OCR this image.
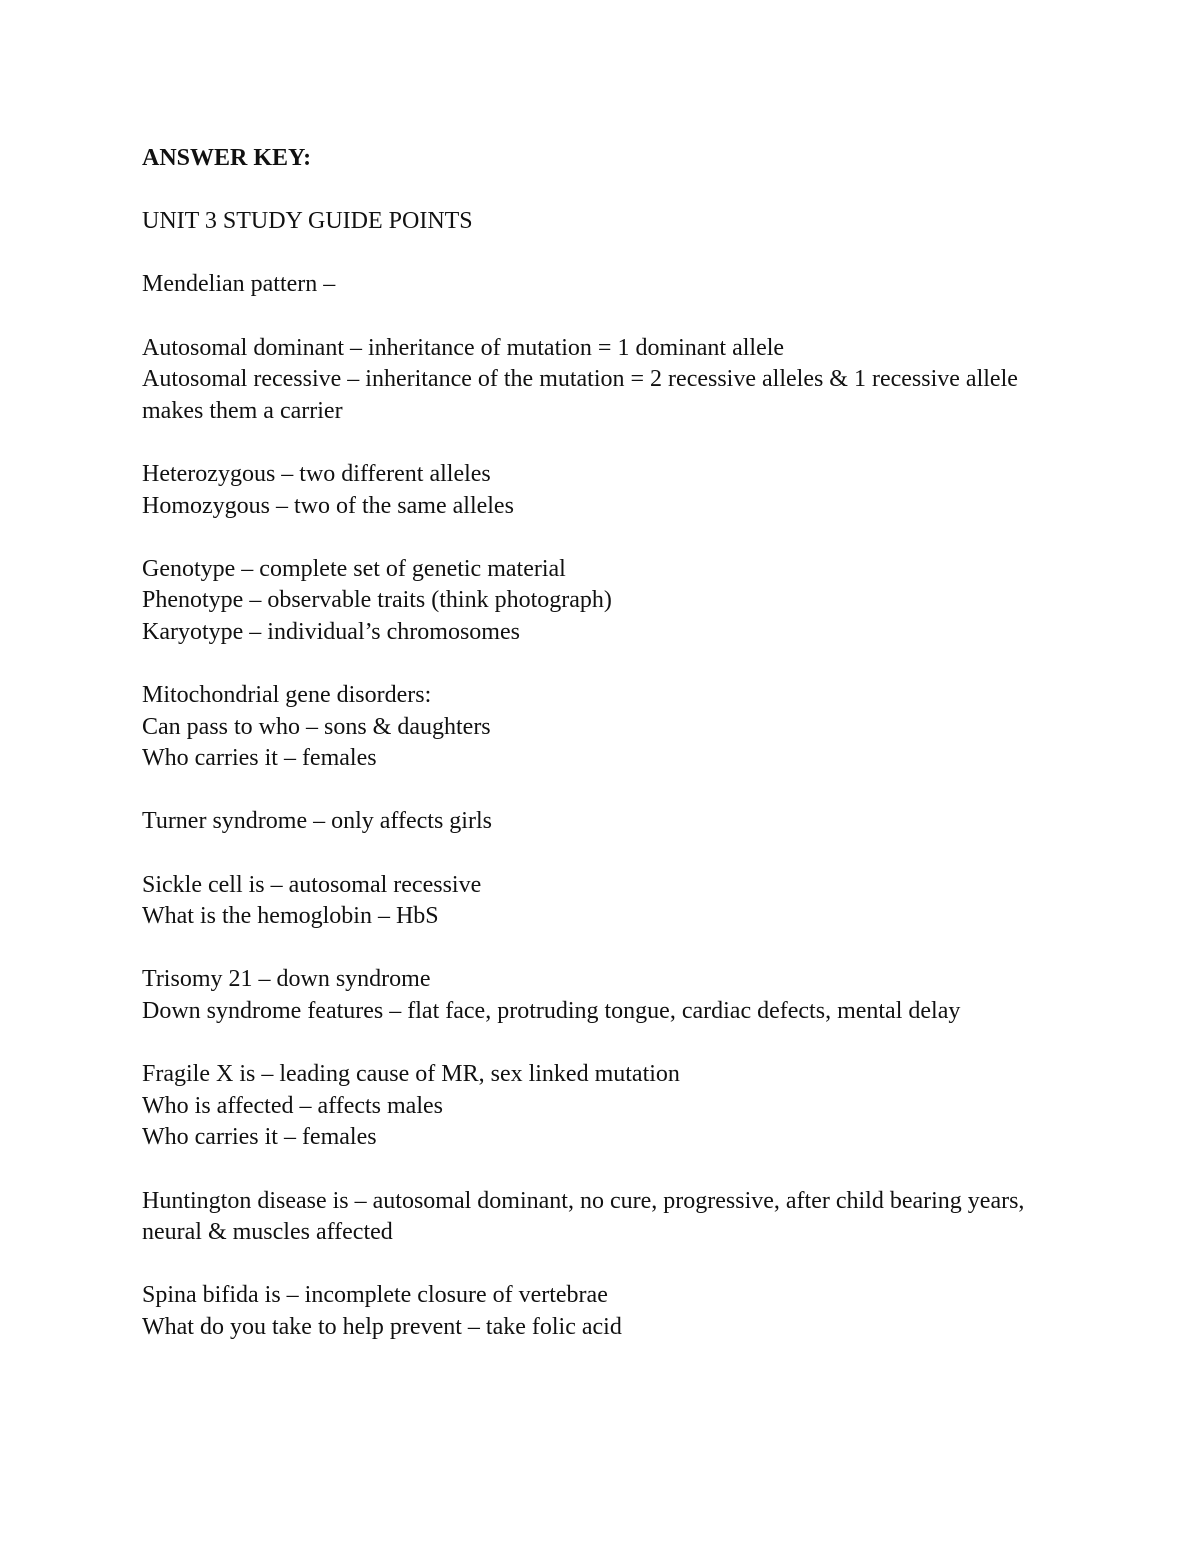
ANSWER KEY:

UNIT 3 STUDY GUIDE POINTS

Mendelian pattern –

Autosomal dominant – inheritance of mutation = 1 dominant allele
Autosomal recessive – inheritance of the mutation = 2 recessive alleles & 1 recessive allele makes them a carrier

Heterozygous – two different alleles
Homozygous – two of the same alleles

Genotype – complete set of genetic material
Phenotype – observable traits (think photograph)
Karyotype – individual’s chromosomes

Mitochondrial gene disorders:
Can pass to who – sons & daughters
Who carries it – females

Turner syndrome – only affects girls

Sickle cell is – autosomal recessive
What is the hemoglobin – HbS

Trisomy 21 – down syndrome
Down syndrome features – flat face, protruding tongue, cardiac defects, mental delay

Fragile X is – leading cause of MR, sex linked mutation
Who is affected – affects males
Who carries it – females

Huntington disease is – autosomal dominant, no cure, progressive, after child bearing years, neural & muscles affected

Spina bifida is – incomplete closure of vertebrae
What do you take to help prevent – take folic acid
